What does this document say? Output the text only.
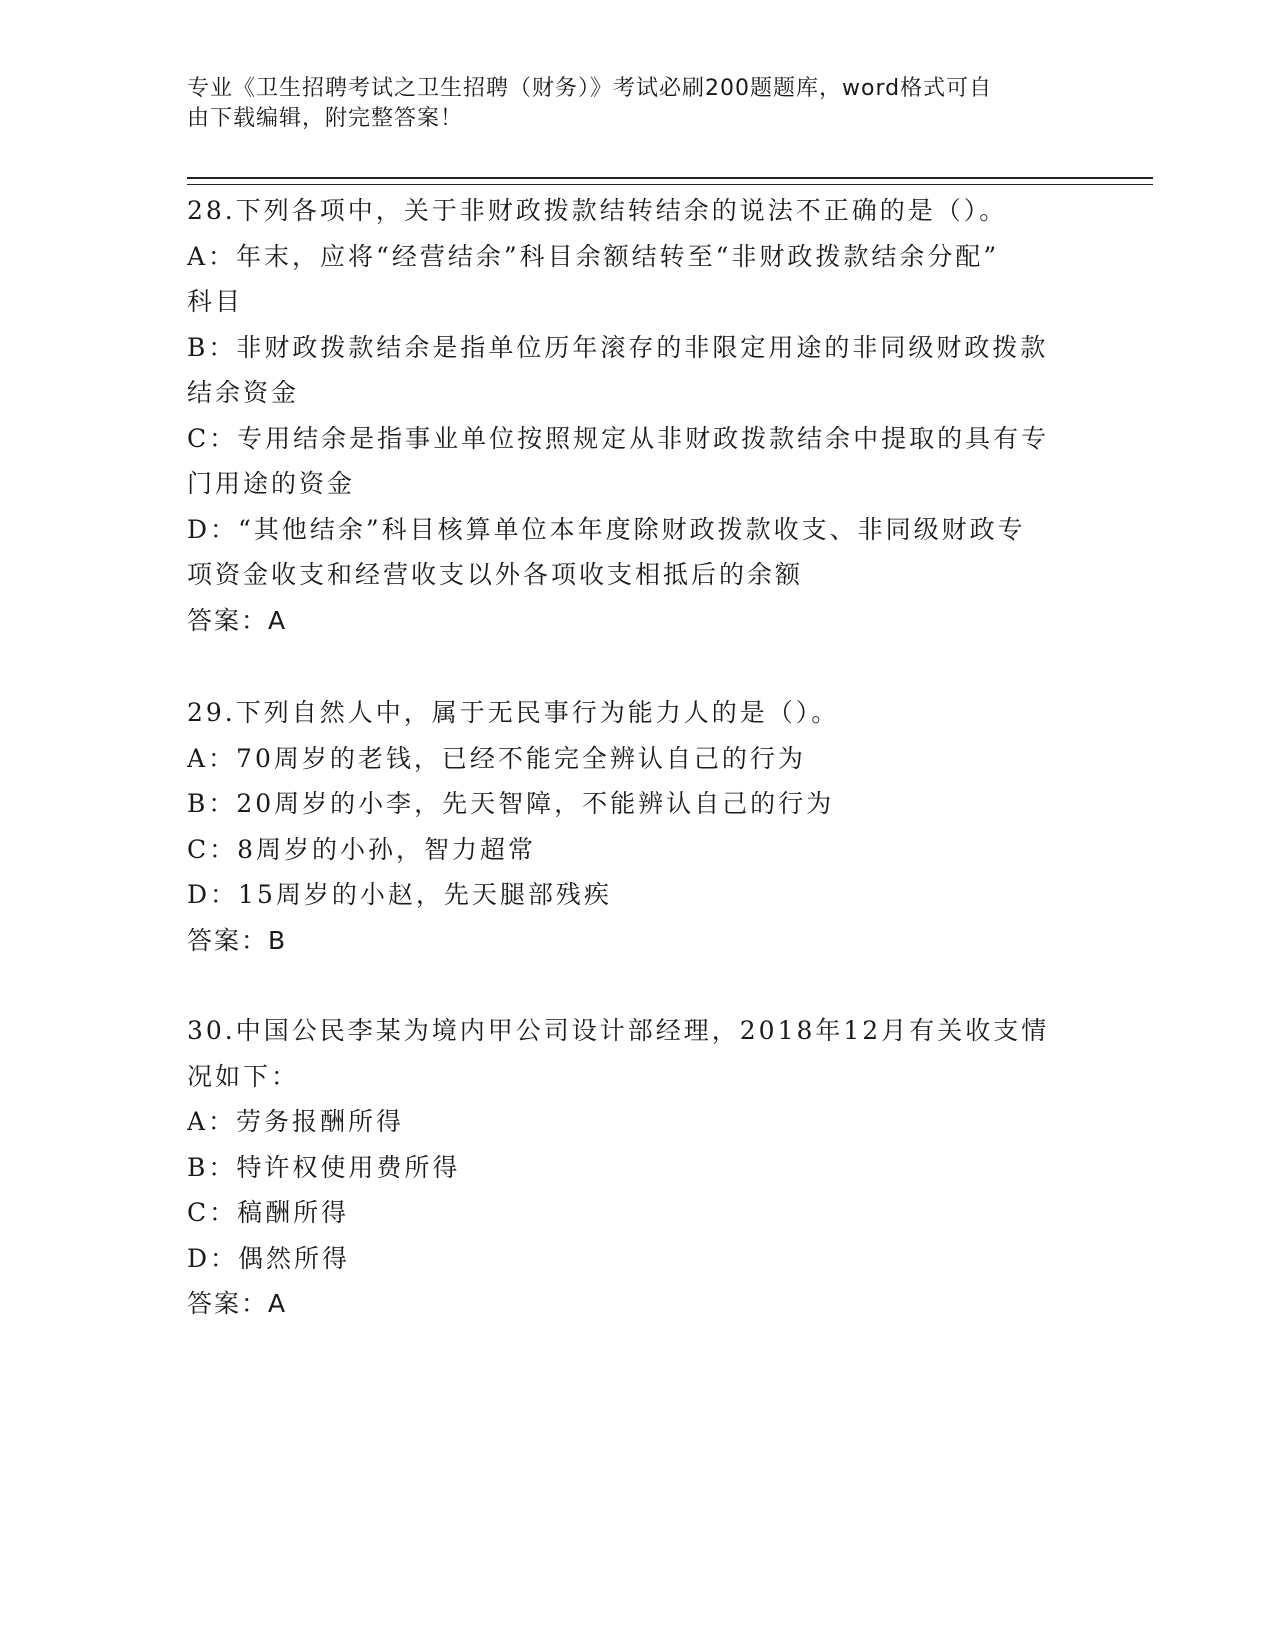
专业《卫生招聘考试之卫生招聘（财务）》考试必刷200题题库，word格式可自
由下载编辑，附完整答案！
28.下列各项中，关于非财政拨款结转结余的说法不正确的是（）。
A：年末，应将“经营结余”科目余额结转至“非财政拨款结余分配”
科目
B：非财政拨款结余是指单位历年滚存的非限定用途的非同级财政拨款
结余资金
C：专用结余是指事业单位按照规定从非财政拨款结余中提取的具有专
门用途的资金
D：“其他结余”科目核算单位本年度除财政拨款收支、非同级财政专
项资金收支和经营收支以外各项收支相抵后的余额
答案：A
29.下列自然人中，属于无民事行为能力人的是（）。
A：70周岁的老钱，已经不能完全辨认自己的行为
B：20周岁的小李，先天智障，不能辨认自己的行为
C：8周岁的小孙，智力超常
D：15周岁的小赵，先天腿部残疾
答案：B
30.中国公民李某为境内甲公司设计部经理，2018年12月有关收支情
况如下：
A：劳务报酬所得
B：特许权使用费所得
C：稿酬所得
D：偶然所得
答案：A
